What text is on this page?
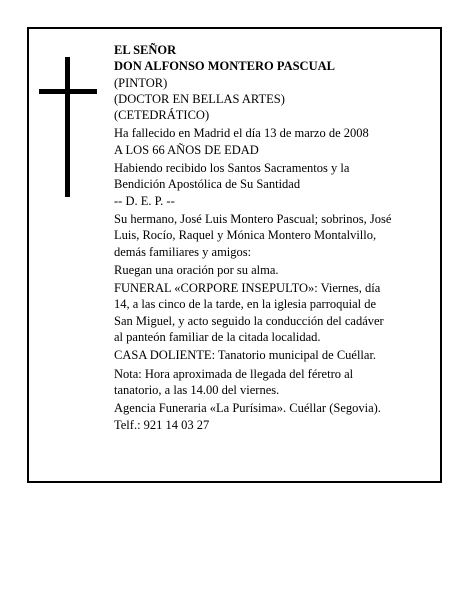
EL SEÑOR
DON ALFONSO MONTERO PASCUAL
(PINTOR)
(DOCTOR EN BELLAS ARTES)
(CETEDRÁTICO)
Ha fallecido en Madrid el día 13 de marzo de 2008
A LOS 66 AÑOS DE EDAD
Habiendo recibido los Santos Sacramentos y la
Bendición Apostólica de Su Santidad
-- D. E. P. --
Su hermano, José Luis Montero Pascual; sobrinos, José
Luis, Rocío, Raquel y Mónica Montero Montalvillo,
demás familiares y amigos:
Ruegan una oración por su alma.
FUNERAL «CORPORE INSEPULTO»: Viernes, día
14, a las cinco de la tarde, en la iglesia parroquial de
San Miguel, y acto seguido la conducción del cadáver
al panteón familiar de la citada localidad.
CASA DOLIENTE: Tanatorio municipal de Cuéllar.
Nota: Hora aproximada de llegada del féretro al
tanatorio, a las 14.00 del viernes.
Agencia Funeraria «La Purísima». Cuéllar (Segovia).
Telf.: 921 14 03 27
